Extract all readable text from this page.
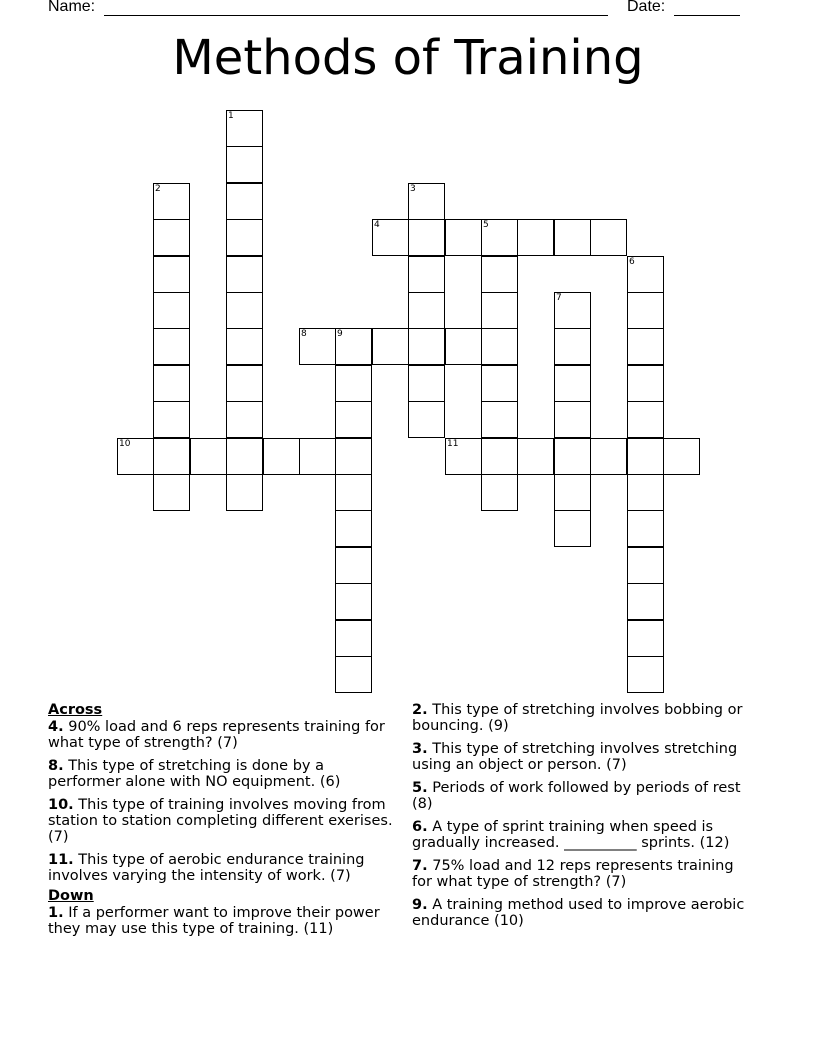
Name:	Date:
Methods of Training
1
2	3
4	5
6
7
8	9
10	11
Across
4. 90% load and 6 reps represents training for what type of strength? (7)
8. This type of stretching is done by a performer alone with NO equipment. (6)
10. This type of training involves moving from station to station completing different exerises. (7)
11. This type of aerobic endurance training involves varying the intensity of work. (7)
Down
1. If a performer want to improve their power they may use this type of training. (11)
2. This type of stretching involves bobbing or bouncing. (9)
3. This type of stretching involves stretching using an object or person. (7)
5. Periods of work followed by periods of rest (8)
6. A type of sprint training when speed is gradually increased. __________ sprints. (12)
7. 75% load and 12 reps represents training for what type of strength? (7)
9. A training method used to improve aerobic endurance (10)
